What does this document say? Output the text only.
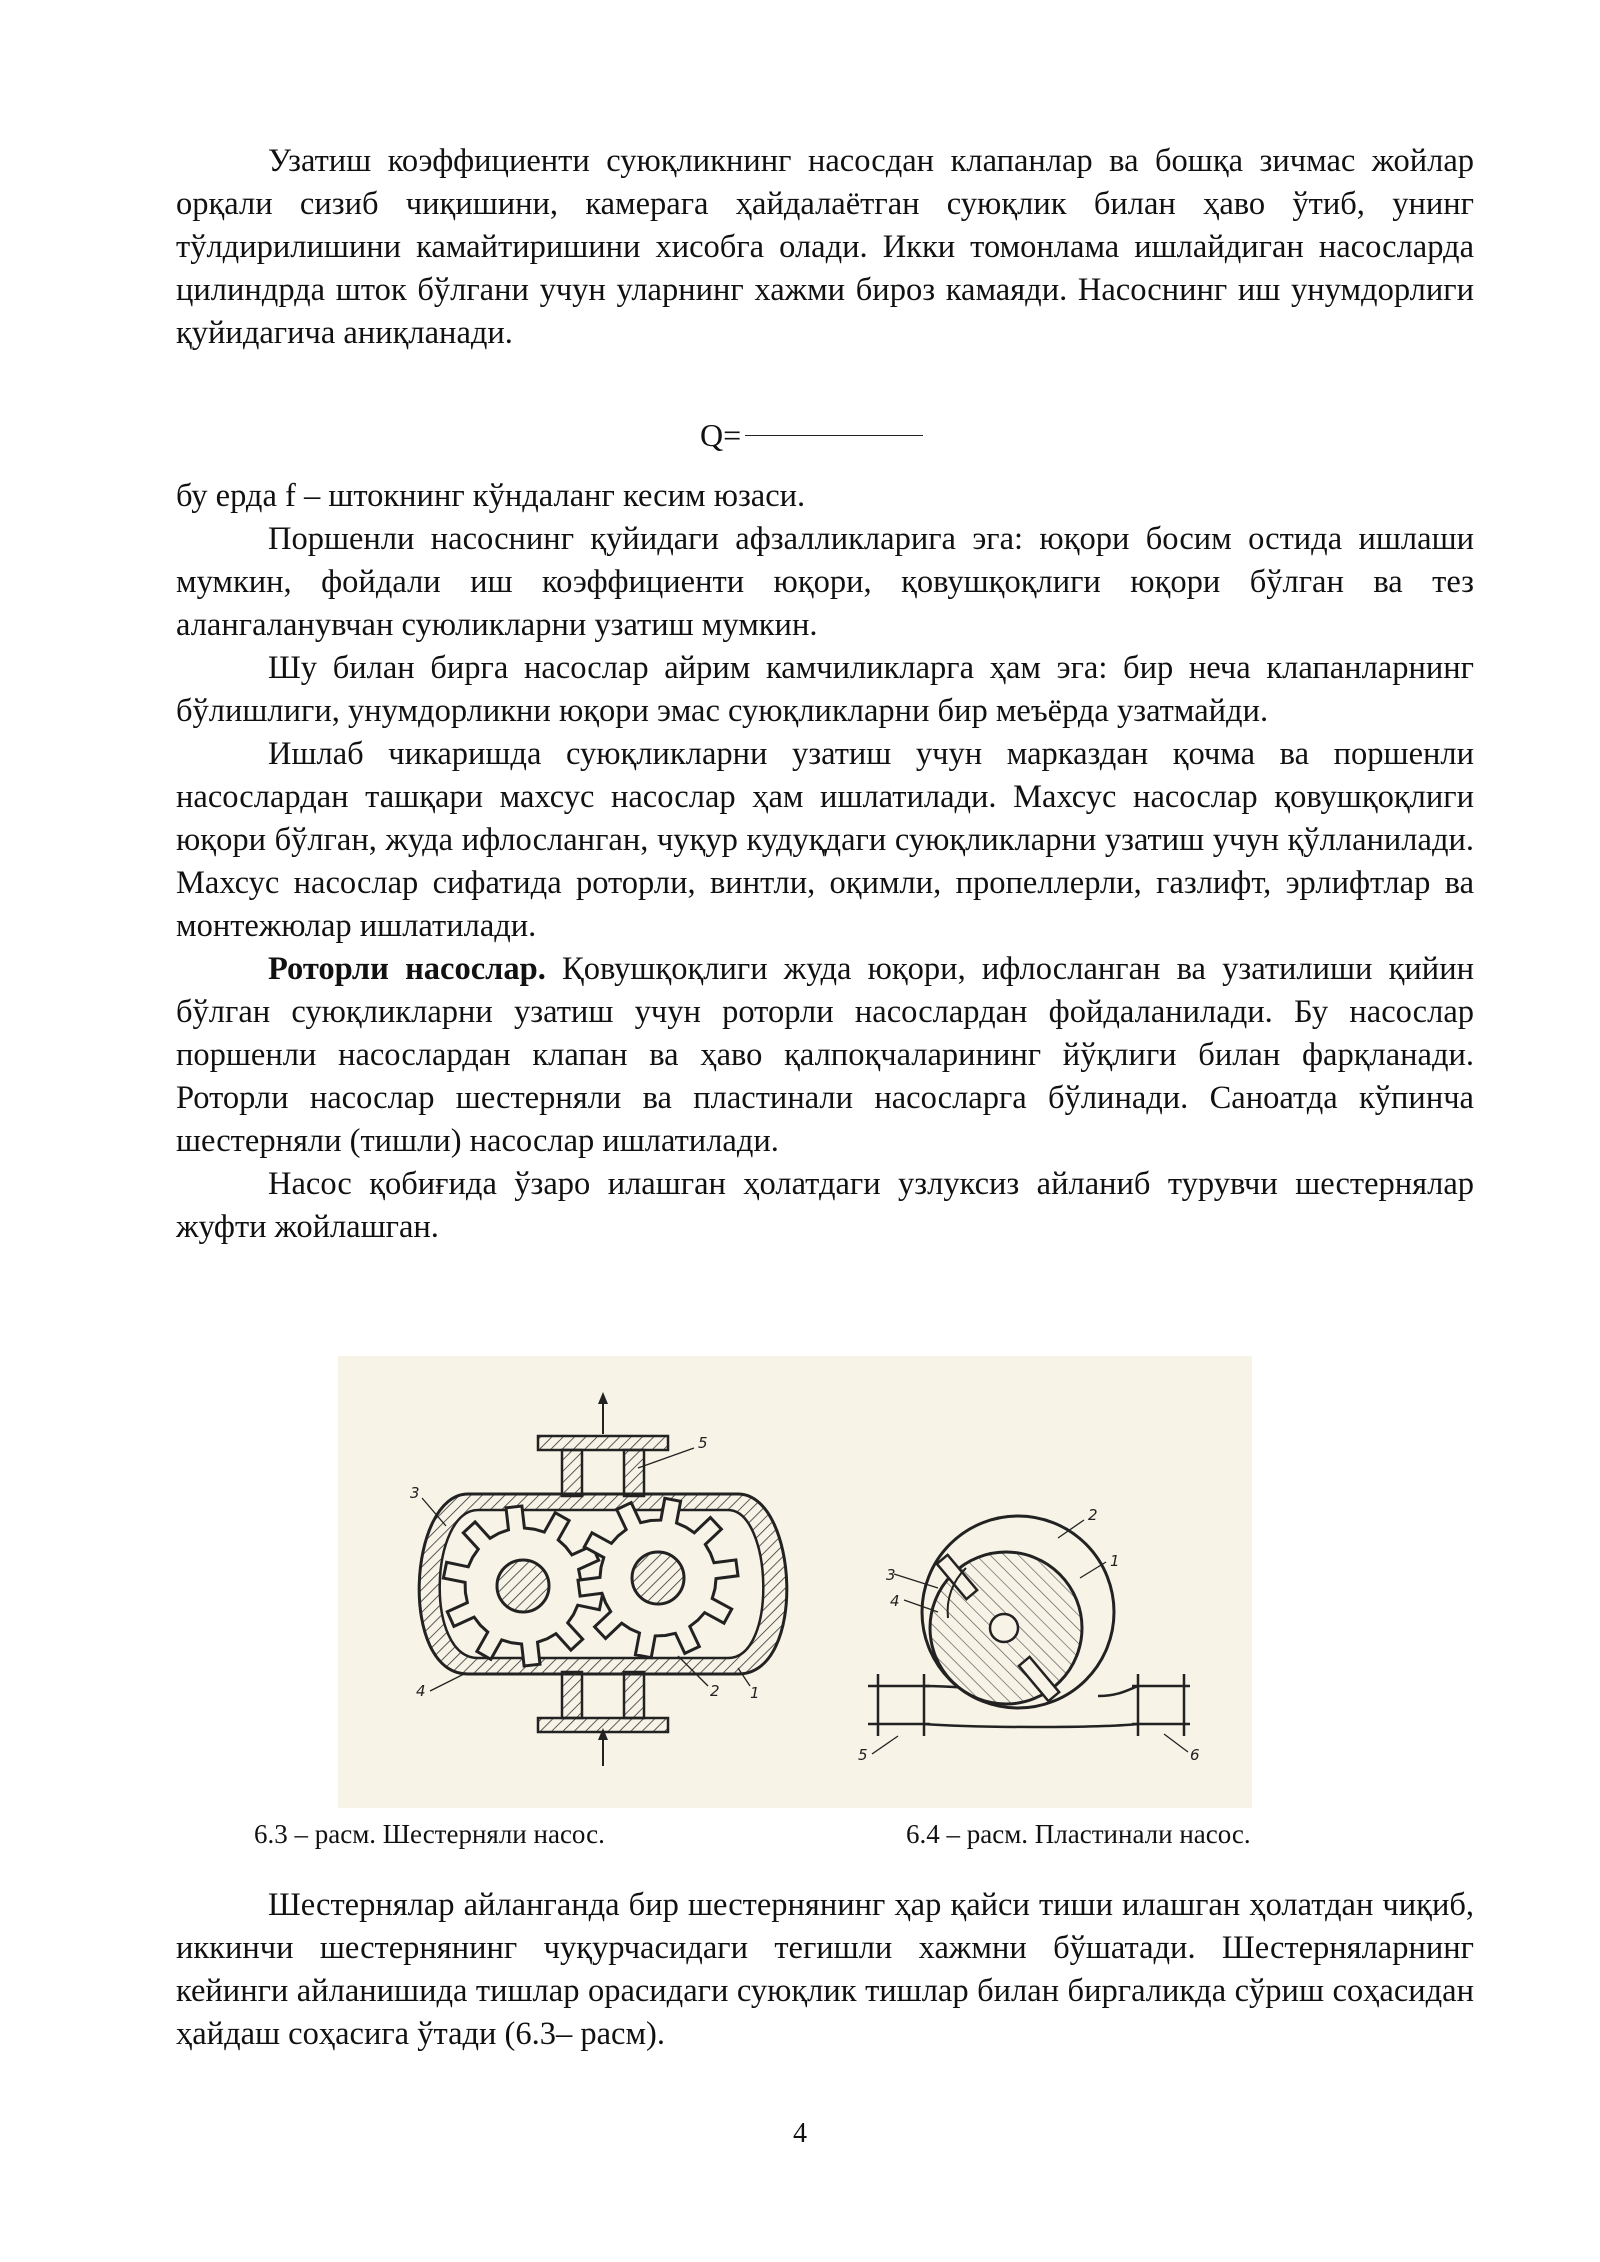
Узатиш коэффициенти суюқликнинг насосдан клапанлар ва бошқа зичмас жойлар орқали сизиб чиқишини, камерага ҳайдалаётган суюқлик билан ҳаво ўтиб, унинг тўлдирилишини камайтиришини хисобга олади. Икки томонлама ишлайдиган насосларда цилиндрда шток бўлгани учун уларнинг хажми бироз камаяди. Насоснинг иш унумдорлиги қуйидагича аниқланади.

Q=

бу ерда f – штокнинг кўндаланг кесим юзаси.

Поршенли насоснинг қуйидаги афзалликларига эга: юқори босим остида ишлаши мумкин, фойдали иш коэффициенти юқори, қовушқоқлиги юқори бўлган ва тез алангаланувчан суюликларни узатиш мумкин.

Шу билан бирга насослар айрим камчиликларга ҳам эга: бир неча клапанларнинг бўлишлиги, унумдорликни юқори эмас суюқликларни бир меъёрда узатмайди.

Ишлаб чикаришда суюқликларни узатиш учун марказдан қочма ва поршенли насослардан ташқари махсус насослар ҳам ишлатилади. Махсус насослар қовушқоқлиги юқори бўлган, жуда ифлосланган, чуқур кудуқдаги суюқликларни узатиш учун қўлланилади. Махсус насослар сифатида роторли, винтли, оқимли, пропеллерли, газлифт, эрлифтлар ва монтежюлар ишлатилади.

Роторли насослар. Қовушқоқлиги жуда юқори, ифлосланган ва узатилиши қийин бўлган суюқликларни узатиш учун роторли насослардан фойдаланилади. Бу насослар поршенли насослардан клапан ва ҳаво қалпоқчаларининг йўқлиги билан фарқланади. Роторли насослар шестерняли ва пластинали насосларга бўлинади. Саноатда кўпинча шестерняли (тишли) насослар ишлатилади.

Насос қобиғида ўзаро илашган ҳолатдаги узлуксиз айланиб турувчи шестернялар жуфти жойлашган.

5
3
4	2 1
3
2
4
1
5	6
6.3 – расм. Шестерняли насос.	6.4 – расм. Пластинали насос.

Шестернялар айланганда бир шестернянинг ҳар қайси тиши илашган ҳолатдан чиқиб, иккинчи шестернянинг чуқурчасидаги тегишли хажмни бўшатади. Шестерняларнинг кейинги айланишида тишлар орасидаги суюқлик тишлар билан биргаликда сўриш соҳасидан ҳайдаш соҳасига ўтади (6.3– расм).

4
